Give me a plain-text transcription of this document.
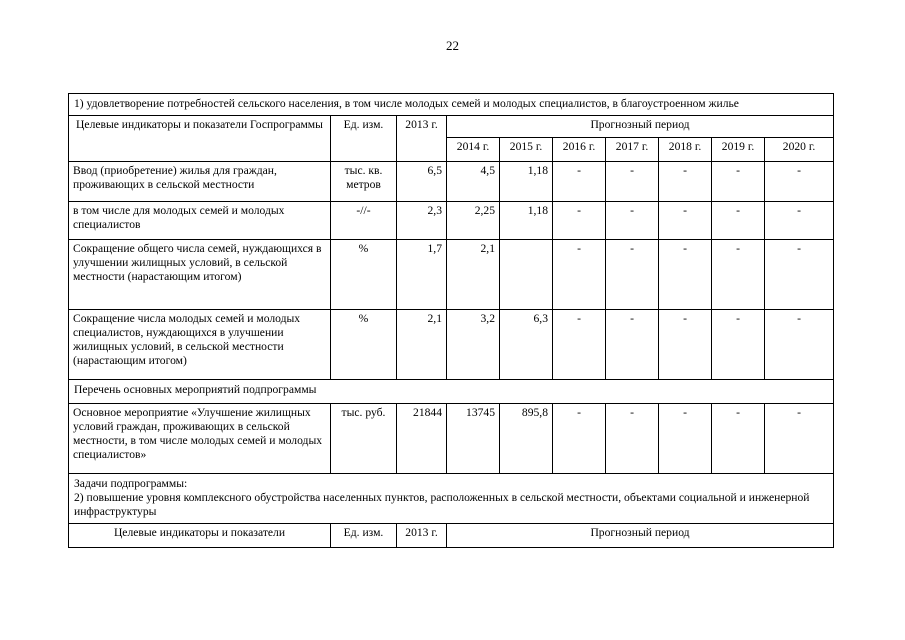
22
1) удовлетворение потребностей сельского населения, в том числе молодых семей и молодых специалистов, в благоустроенном жилье									
Целевые индикаторы и показатели Госпрограммы	Ед. изм.	2013 г.	Прогнозный период						
			2014 г.	2015 г.	2016 г.	2017 г.	2018 г.	2019 г.	2020 г.
Ввод (приобретение) жилья для граждан, проживающих в сельской местности	тыс. кв. метров	6,5	4,5	1,18	-	-	-	-	-
в том числе для молодых семей и молодых специалистов	-//-	2,3	2,25	1,18	-	-	-	-	-
Сокращение общего числа семей, нуждающихся в улучшении жилищных условий, в сельской местности (нарастающим итогом)	%	1,7	2,1		-	-	-	-	-
Сокращение числа молодых семей и молодых специалистов, нуждающихся в улучшении жилищных условий, в сельской местности (нарастающим итогом)	%	2,1	3,2	6,3	-	-	-	-	-
Перечень основных мероприятий подпрограммы									
Основное мероприятие «Улучшение жилищных условий граждан, проживающих в сельской местности, в том числе молодых семей и молодых специалистов»	тыс. руб.	21844	13745	895,8	-	-	-	-	-

Задачи подпрограммы:
2) повышение уровня комплексного обустройства населенных пунктов, расположенных в сельской местности, объектами социальной и инженерной инфраструктуры									

Целевые индикаторы и показатели	Ед. изм.	2013 г.	Прогнозный период						
